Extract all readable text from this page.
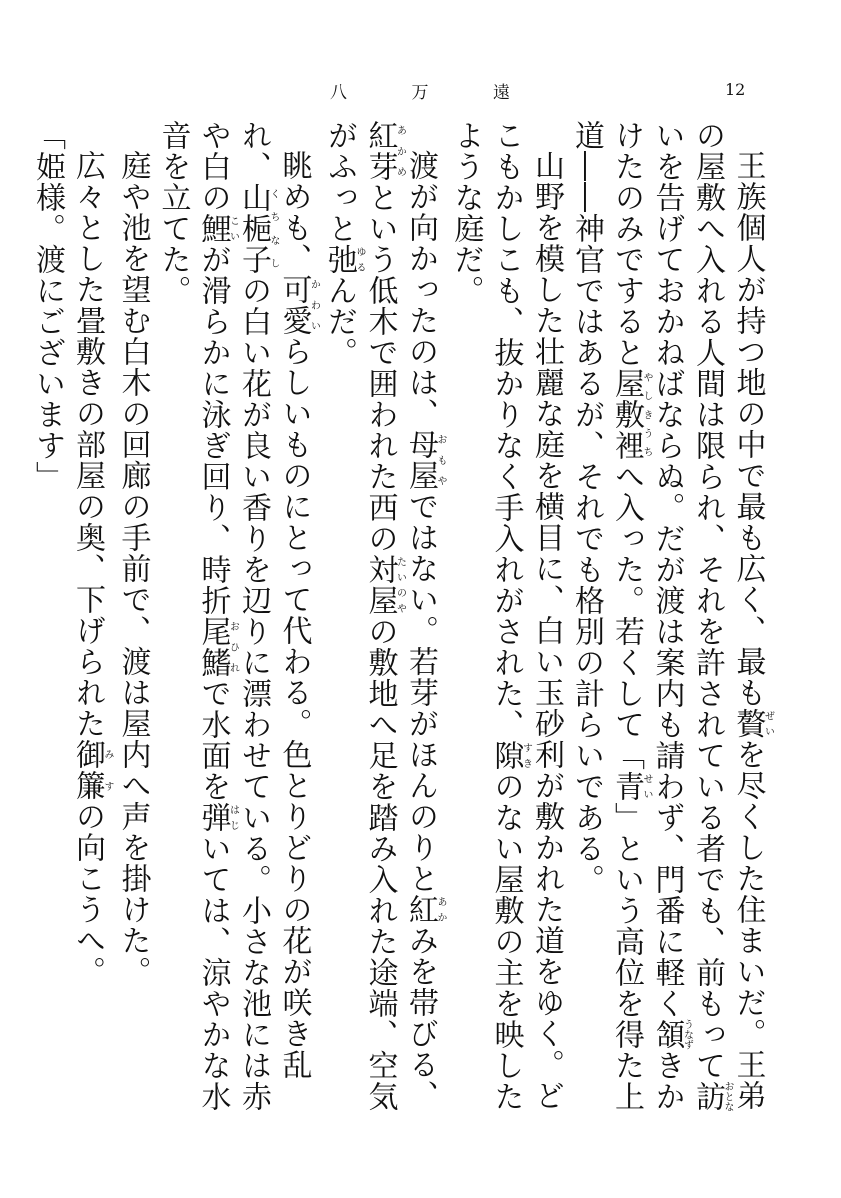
八	万	遠	12

王族個人が持つ地の中で最も広く、最も贅ぜいを尽くした住まいだ。王弟の屋敷へ入れる人間は限られ、それを許されている者でも、前もって訪おとないを告げておかねばならぬ。だが渡は案内も請わず、門番に軽く頷うなずきかけたのみですると屋敷裡やしきうちへ入った。若くして「青せい」という高位を得た上道――神官ではあるが、それでも格別の計らいである。

山野を模した壮麗な庭を横目に、白い玉砂利が敷かれた道をゆく。どこもかしこも、抜かりなく手入れがされた、隙すきのない屋敷の主を映したような庭だ。

渡が向かったのは、母屋おもやではない。若芽がほんのりと紅あかみを帯びる、紅芽あかめという低木で囲われた西の対屋たいのやの敷地へ足を踏み入れた途端、空気がふっと弛ゆるんだ。

眺めも、可愛かわいらしいものにとって代わる。色とりどりの花が咲き乱れ、山梔子くちなしの白い花が良い香りを辺りに漂わせている。小さな池には赤や白の鯉こいが滑らかに泳ぎ回り、時折尾鰭おひれで水面を弾はじいては、涼やかな水音を立てた。

庭や池を望む白木の回廊の手前で、渡は屋内へ声を掛けた。

広々とした畳敷きの部屋の奥、下げられた御簾みすの向こうへ。

「姫様。渡にございます」
